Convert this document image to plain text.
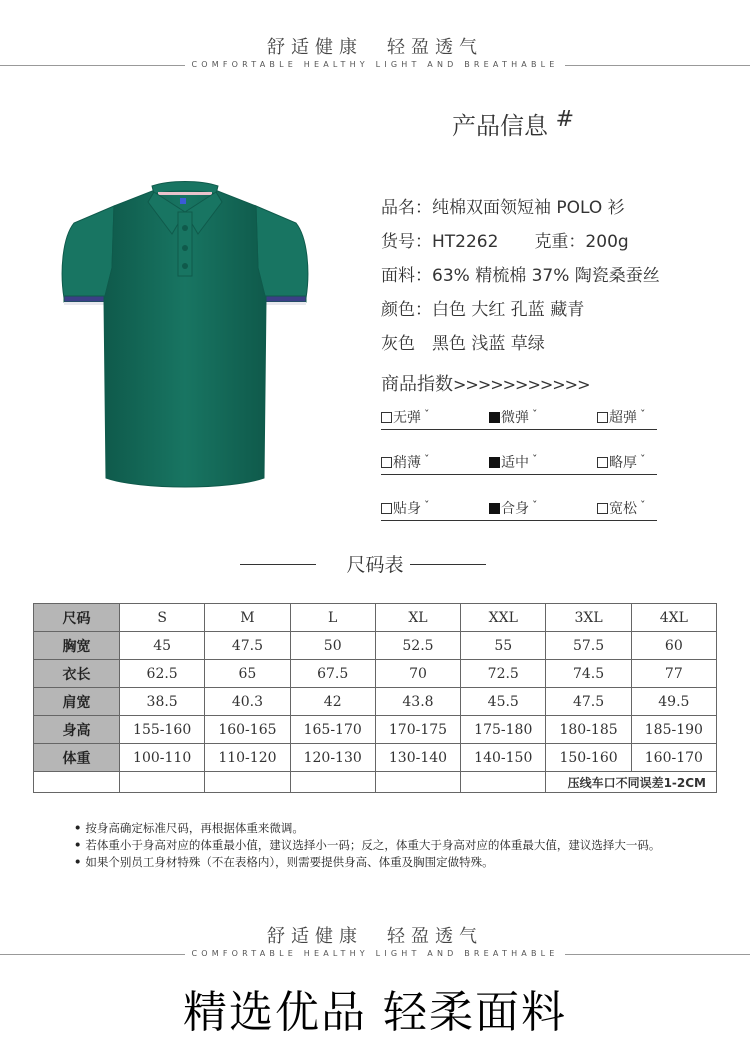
舒适健康　轻盈透气
COMFORTABLE HEALTHY LIGHT AND BREATHABLE
产品信息 #
品名：纯棉双面领短袖 POLO 衫
货号：HT2262 克重：200g
面料：63% 精梳棉 37% 陶瓷桑蚕丝
颜色：白色 大红 孔蓝 藏青
灰色　黑色 浅蓝 草绿
商品指数>>>>>>>>>>>
无弹 $^ˇ$	微弹 $^ˇ$	超弹 $^ˇ$
稍薄 $^ˇ$	适中 $^ˇ$	略厚 $^ˇ$
贴身 $^ˇ$	合身 $^ˇ$	宽松 $^ˇ$
尺码表
尺码	S	M	L	XL	XXL	3XL	4XL
胸宽	45	47.5	50	52.5	55	57.5	60
衣长	62.5	65	67.5	70	72.5	74.5	77
肩宽	38.5	40.3	42	43.8	45.5	47.5	49.5
身高	155-160	160-165	165-170	170-175	175-180	180-185	185-190
体重	100-110	110-120	120-130	130-140	140-150	150-160	160-170
						压线车口不同误差1-2CM	

• 按身高确定标准尺码，再根据体重来微调。

• 若体重小于身高对应的体重最小值，建议选择小一码；反之，体重大于身高对应的体重最大值，建议选择大一码。

• 如果个别员工身材特殊（不在表格内），则需要提供身高、体重及胸围定做特殊。

舒适健康　轻盈透气
COMFORTABLE HEALTHY LIGHT AND BREATHABLE
精选优品 轻柔面料
